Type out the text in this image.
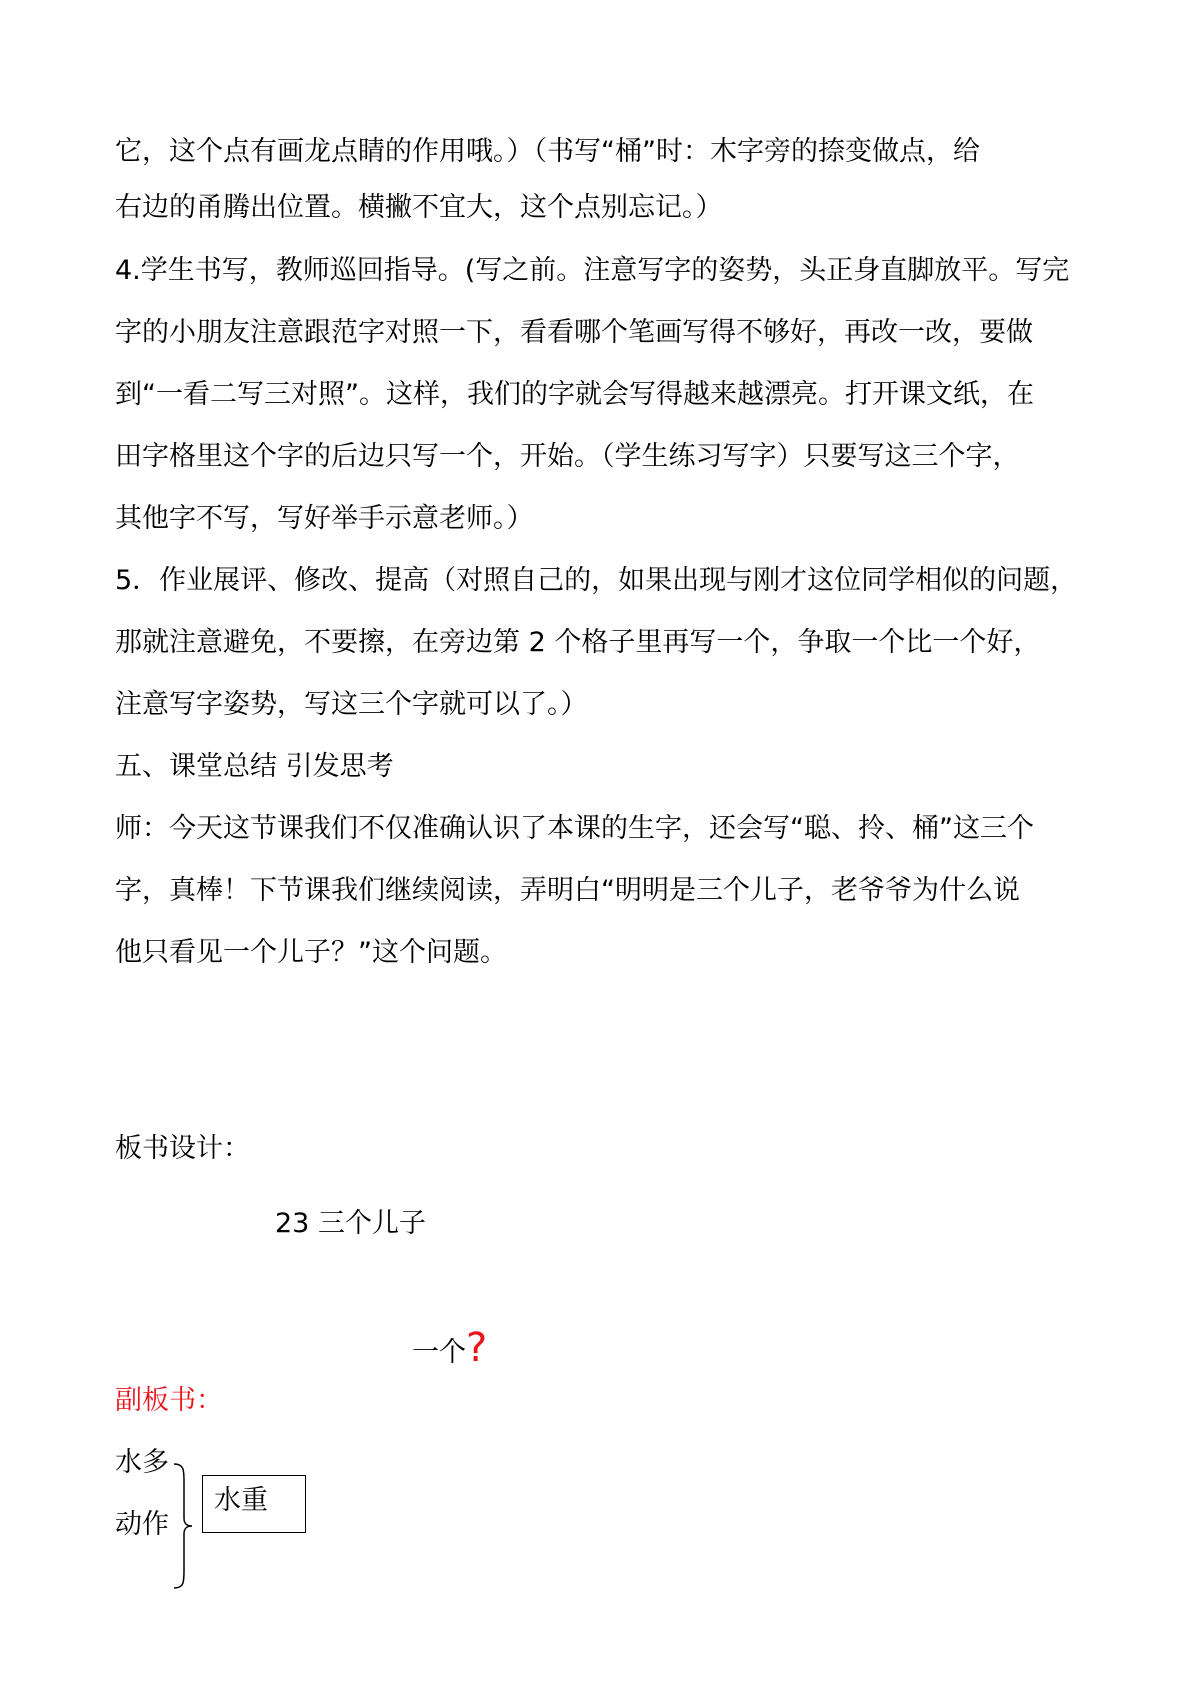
它，这个点有画龙点睛的作用哦。）（书写“桶”时：木字旁的捺变做点，给
右边的甬腾出位置。横撇不宜大，这个点别忘记。）
4.学生书写，教师巡回指导。(写之前。注意写字的姿势，头正身直脚放平。写完
字的小朋友注意跟范字对照一下，看看哪个笔画写得不够好，再改一改，要做
到“一看二写三对照”。这样，我们的字就会写得越来越漂亮。打开课文纸，在
田字格里这个字的后边只写一个，开始。（学生练习写字）只要写这三个字，
其他字不写，写好举手示意老师。）
5．作业展评、修改、提高（对照自己的，如果出现与刚才这位同学相似的问题，
那就注意避免，不要擦，在旁边第 2 个格子里再写一个，争取一个比一个好，
注意写字姿势，写这三个字就可以了。）
五、课堂总结 引发思考
师：今天这节课我们不仅准确认识了本课的生字，还会写“聪、拎、桶”这三个
字，真棒！下节课我们继续阅读，弄明白“明明是三个儿子，老爷爷为什么说
他只看见一个儿子？”这个问题。
板书设计：
23 三个儿子
一个?
副板书：
水多
动作
水重
